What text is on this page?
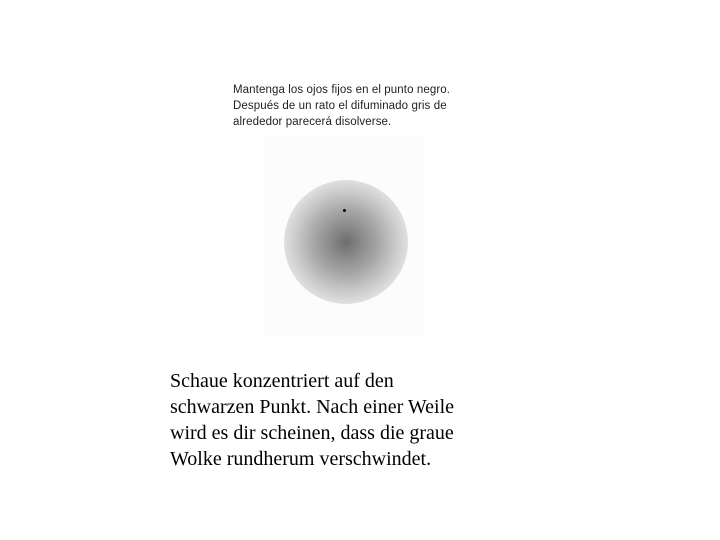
Mantenga los ojos fijos en el punto negro.
Después de un rato el difuminado gris de
alrededor parecerá disolverse.
Schaue konzentriert auf den
schwarzen Punkt. Nach einer Weile
wird es dir scheinen, dass die graue
Wolke rundherum verschwindet.
